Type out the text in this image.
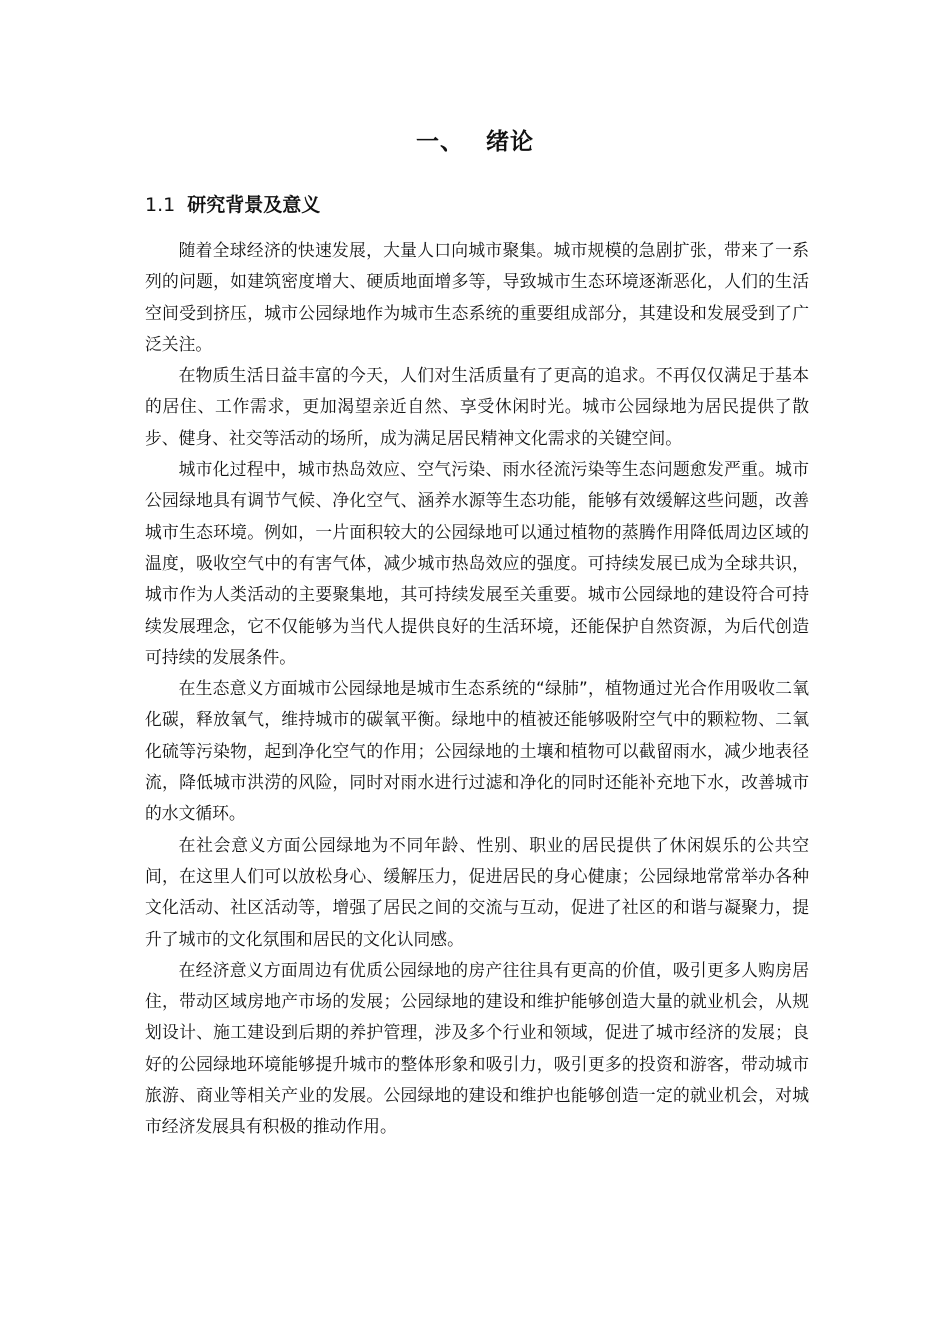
一、 绪论
1.1 研究背景及意义

随着全球经济的快速发展，大量人口向城市聚集。城市规模的急剧扩张，带来了一系列的问题，如建筑密度增大、硬质地面增多等，导致城市生态环境逐渐恶化，人们的生活空间受到挤压，城市公园绿地作为城市生态系统的重要组成部分，其建设和发展受到了广泛关注。

在物质生活日益丰富的今天，人们对生活质量有了更高的追求。不再仅仅满足于基本的居住、工作需求，更加渴望亲近自然、享受休闲时光。城市公园绿地为居民提供了散步、健身、社交等活动的场所，成为满足居民精神文化需求的关键空间。

城市化过程中，城市热岛效应、空气污染、雨水径流污染等生态问题愈发严重。城市公园绿地具有调节气候、净化空气、涵养水源等生态功能，能够有效缓解这些问题，改善城市生态环境。例如，一片面积较大的公园绿地可以通过植物的蒸腾作用降低周边区域的温度，吸收空气中的有害气体，减少城市热岛效应的强度。可持续发展已成为全球共识，城市作为人类活动的主要聚集地，其可持续发展至关重要。城市公园绿地的建设符合可持续发展理念，它不仅能够为当代人提供良好的生活环境，还能保护自然资源，为后代创造可持续的发展条件。

在生态意义方面城市公园绿地是城市生态系统的“绿肺”，植物通过光合作用吸收二氧化碳，释放氧气，维持城市的碳氧平衡。绿地中的植被还能够吸附空气中的颗粒物、二氧化硫等污染物，起到净化空气的作用；公园绿地的土壤和植物可以截留雨水，减少地表径流，降低城市洪涝的风险，同时对雨水进行过滤和净化的同时还能补充地下水，改善城市的水文循环。

在社会意义方面公园绿地为不同年龄、性别、职业的居民提供了休闲娱乐的公共空间，在这里人们可以放松身心、缓解压力，促进居民的身心健康；公园绿地常常举办各种文化活动、社区活动等，增强了居民之间的交流与互动，促进了社区的和谐与凝聚力，提升了城市的文化氛围和居民的文化认同感。

在经济意义方面周边有优质公园绿地的房产往往具有更高的价值，吸引更多人购房居住，带动区域房地产市场的发展；公园绿地的建设和维护能够创造大量的就业机会，从规划设计、施工建设到后期的养护管理，涉及多个行业和领域，促进了城市经济的发展；良好的公园绿地环境能够提升城市的整体形象和吸引力，吸引更多的投资和游客，带动城市旅游、商业等相关产业的发展。公园绿地的建设和维护也能够创造一定的就业机会，对城市经济发展具有积极的推动作用。
